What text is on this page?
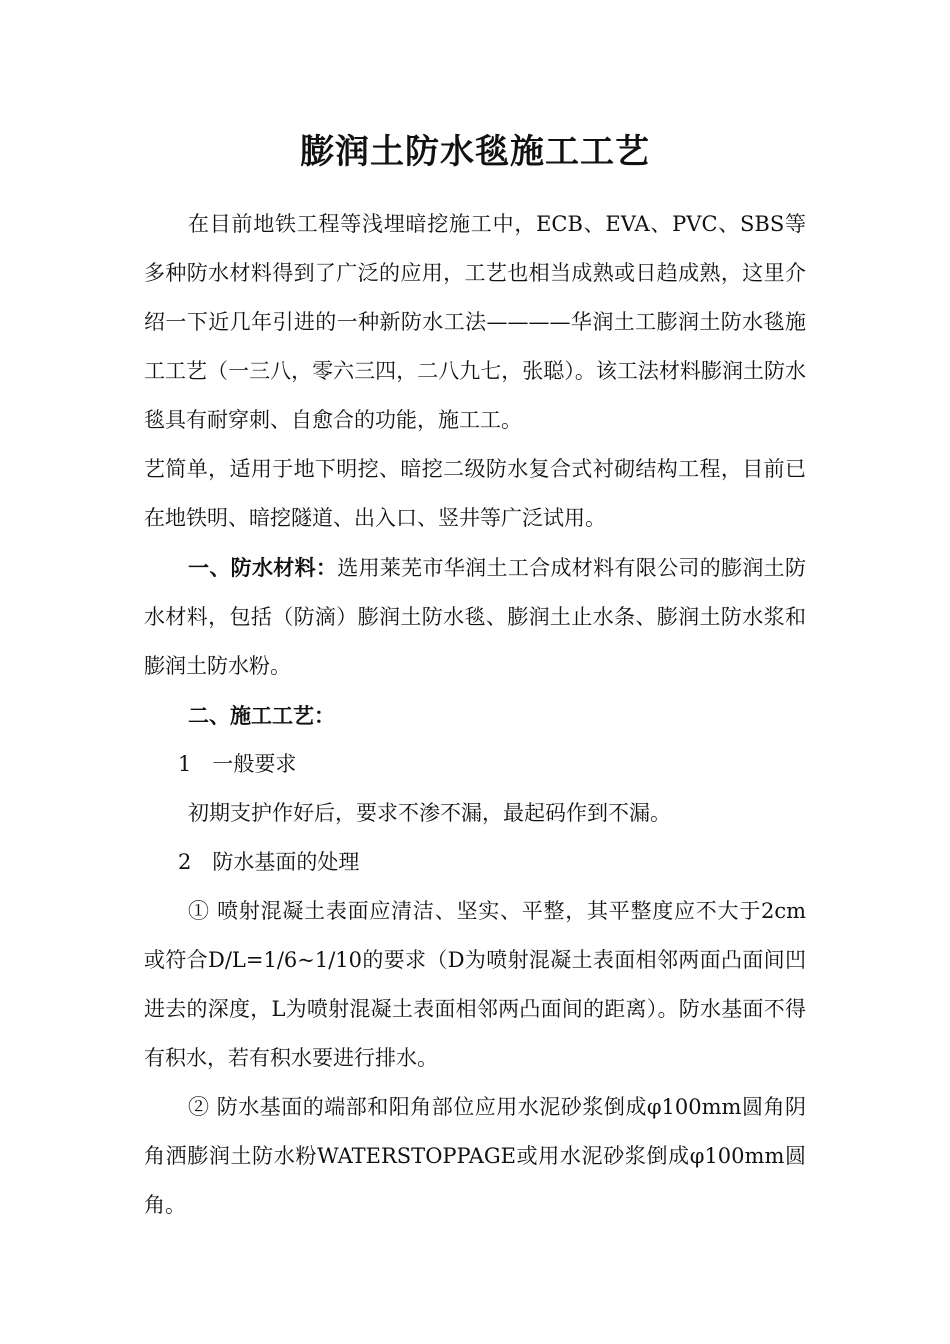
膨润土防水毯施工工艺

在目前地铁工程等浅埋暗挖施工中，ECB、EVA、PVC、SBS等多种防水材料得到了广泛的应用，工艺也相当成熟或日趋成熟，这里介绍一下近几年引进的一种新防水工法————华润土工膨润土防水毯施工工艺（一三八，零六三四，二八九七，张聪）。该工法材料膨润土防水毯具有耐穿刺、自愈合的功能，施工工。

艺简单，适用于地下明挖、暗挖二级防水复合式衬砌结构工程，目前已在地铁明、暗挖隧道、出入口、竖井等广泛试用。

一、防水材料：选用莱芜市华润土工合成材料有限公司的膨润土防水材料，包括（防滴）膨润土防水毯、膨润土止水条、膨润土防水浆和膨润土防水粉。

二、施工工艺：

1　一般要求

初期支护作好后，要求不渗不漏，最起码作到不漏。

2　防水基面的处理

① 喷射混凝土表面应清洁、坚实、平整，其平整度应不大于2cm或符合D/L=1/6~1/10的要求（D为喷射混凝土表面相邻两面凸面间凹进去的深度，L为喷射混凝土表面相邻两凸面间的距离）。防水基面不得有积水，若有积水要进行排水。

② 防水基面的端部和阳角部位应用水泥砂浆倒成φ100mm圆角阴角洒膨润土防水粉WATERSTOPPAGE或用水泥砂浆倒成φ100mm圆角。
